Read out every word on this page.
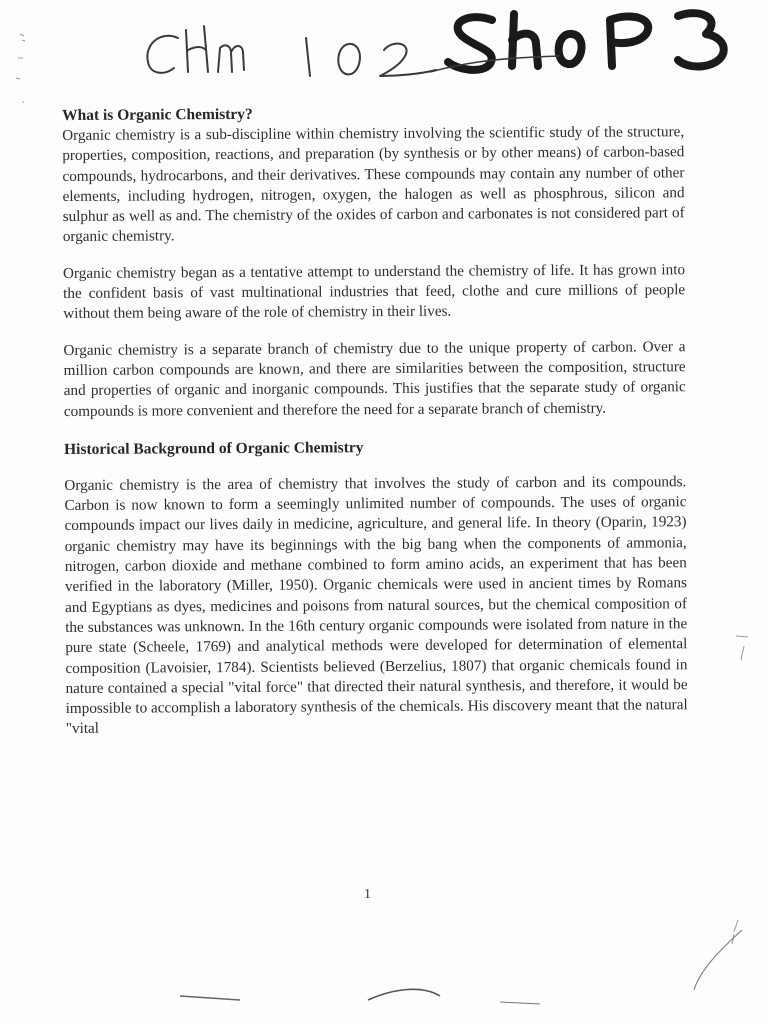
What is Organic Chemistry?

Organic chemistry is a sub-discipline within chemistry involving the scientific study of the structure, properties, composition, reactions, and preparation (by synthesis or by other means) of carbon-based compounds, hydrocarbons, and their derivatives. These compounds may contain any number of other elements, including hydrogen, nitrogen, oxygen, the halogen as well as phosphrous, silicon and sulphur as well as and. The chemistry of the oxides of carbon and carbonates is not considered part of organic chemistry.

Organic chemistry began as a tentative attempt to understand the chemistry of life. It has grown into the confident basis of vast multinational industries that feed, clothe and cure millions of people without them being aware of the role of chemistry in their lives.

Organic chemistry is a separate branch of chemistry due to the unique property of carbon. Over a million carbon compounds are known, and there are similarities between the composition, structure and properties of organic and inorganic compounds. This justifies that the separate study of organic compounds is more convenient and therefore the need for a separate branch of chemistry.

Historical Background of Organic Chemistry

Organic chemistry is the area of chemistry that involves the study of carbon and its compounds. Carbon is now known to form a seemingly unlimited number of compounds. The uses of organic compounds impact our lives daily in medicine, agriculture, and general life. In theory (Oparin, 1923) organic chemistry may have its beginnings with the big bang when the components of ammonia, nitrogen, carbon dioxide and methane combined to form amino acids, an experiment that has been verified in the laboratory (Miller, 1950). Organic chemicals were used in ancient times by Romans and Egyptians as dyes, medicines and poisons from natural sources, but the chemical composition of the substances was unknown. In the 16th century organic compounds were isolated from nature in the pure state (Scheele, 1769) and analytical methods were developed for determination of elemental composition (Lavoisier, 1784). Scientists believed (Berzelius, 1807) that organic chemicals found in nature contained a special "vital force" that directed their natural synthesis, and therefore, it would be impossible to accomplish a laboratory synthesis of the chemicals. His discovery meant that the natural "vital

1
